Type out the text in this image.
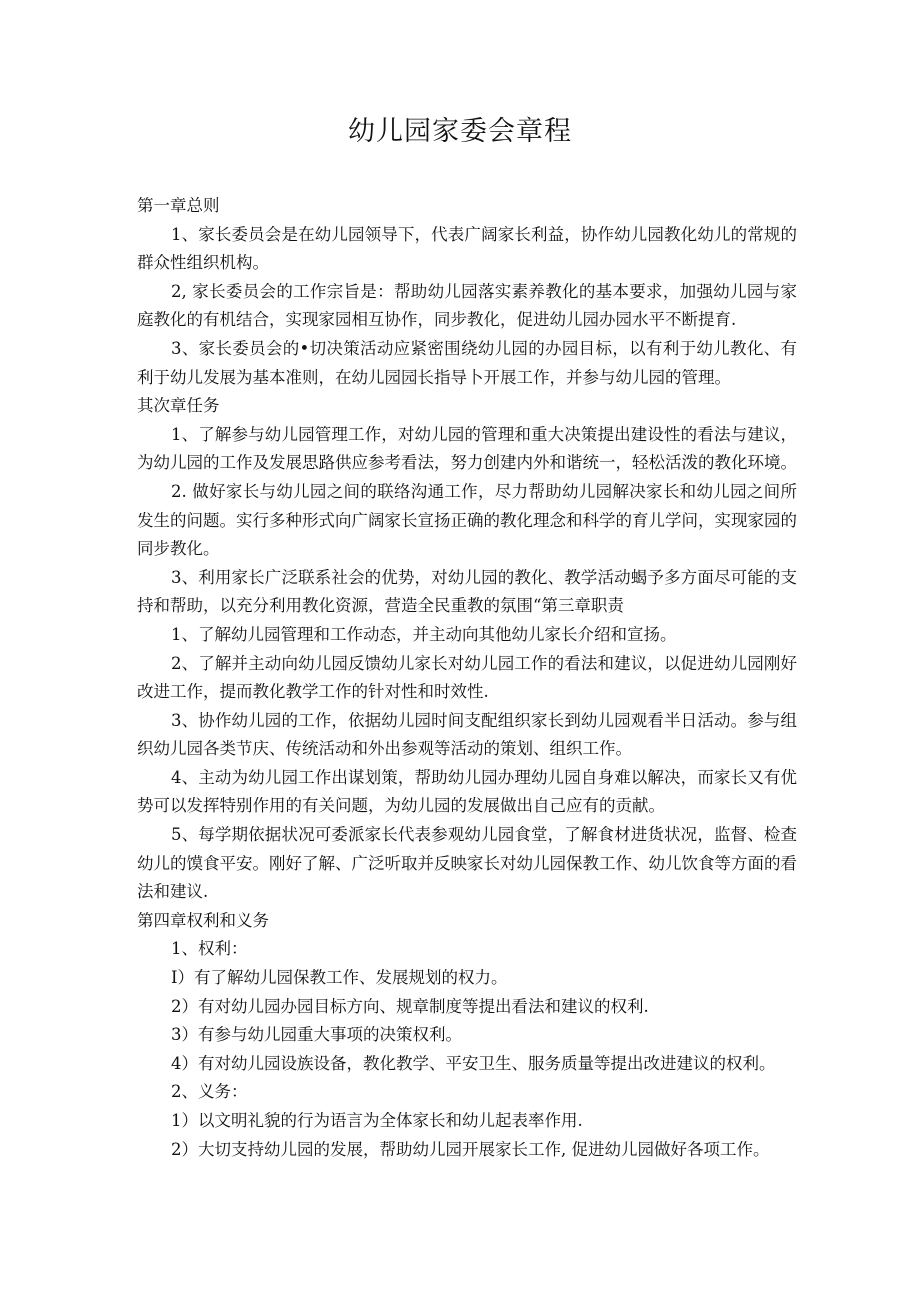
幼儿园家委会章程

第一章总则

1、家长委员会是在幼儿园领导下，代表广阔家长利益，协作幼儿园教化幼儿的常规的群众性组织机构。

2, 家长委员会的工作宗旨是：帮助幼儿园落实素养教化的基本要求，加强幼儿园与家庭教化的有机结合，实现家园相互协作，同步教化，促进幼儿园办园水平不断提育.

3、家长委员会的•切决策活动应紧密围绕幼儿园的办园目标，以有利于幼儿教化、有利于幼儿发展为基本准则，在幼儿园园长指导卜开展工作，并参与幼儿园的管理。

其次章任务

1、了解参与幼儿园管理工作，对幼儿园的管理和重大决策提出建设性的看法与建议，为幼儿园的工作及发展思路供应参考看法，努力创建内外和谐统一，轻松活泼的教化环境。

2. 做好家长与幼儿园之间的联络沟通工作，尽力帮助幼儿园解决家长和幼儿园之间所发生的问题。实行多种形式向广阔家长宣扬正确的教化理念和科学的育儿学问，实现家园的同步教化。

3、利用家长广泛联系社会的优势，对幼儿园的教化、教学活动蝎予多方面尽可能的支持和帮助，以充分利用教化资源，营造全民重教的氛围“第三章职责

1、了解幼儿园管理和工作动态，并主动向其他幼儿家长介绍和宣扬。

2、了解并主动向幼儿园反馈幼儿家长对幼儿园工作的看法和建议，以促进幼儿园刚好改进工作，提而教化教学工作的针对性和时效性.

3、协作幼儿园的工作，依据幼儿园时间支配组织家长到幼儿园观看半日活动。参与组织幼儿园各类节庆、传统活动和外出参观等活动的策划、组织工作。

4、主动为幼儿园工作出谋划策，帮助幼儿园办理幼儿园自身难以解决，而家长又有优势可以发挥特别作用的有关问题，为幼儿园的发展做出自己应有的贡献。

5、每学期依据状况可委派家长代表参观幼儿园食堂，了解食材进货状况，监督、检查幼儿的馍食平安。刚好了解、广泛听取并反映家长对幼儿园保教工作、幼儿饮食等方面的看法和建议.

第四章权利和义务

1、权利：

I）有了解幼儿园保教工作、发展规划的权力。

2）有对幼儿园办园目标方向、规章制度等提出看法和建议的权利.

3）有参与幼儿园重大事项的决策权利。

4）有对幼儿园设族设备，教化教学、平安卫生、服务质量等提出改进建议的权利。

2、义务：

1）以文明礼貌的行为语言为全体家长和幼儿起表率作用.

2）大切支持幼儿园的发展，帮助幼儿园开展家长工作, 促进幼儿园做好各项工作。
